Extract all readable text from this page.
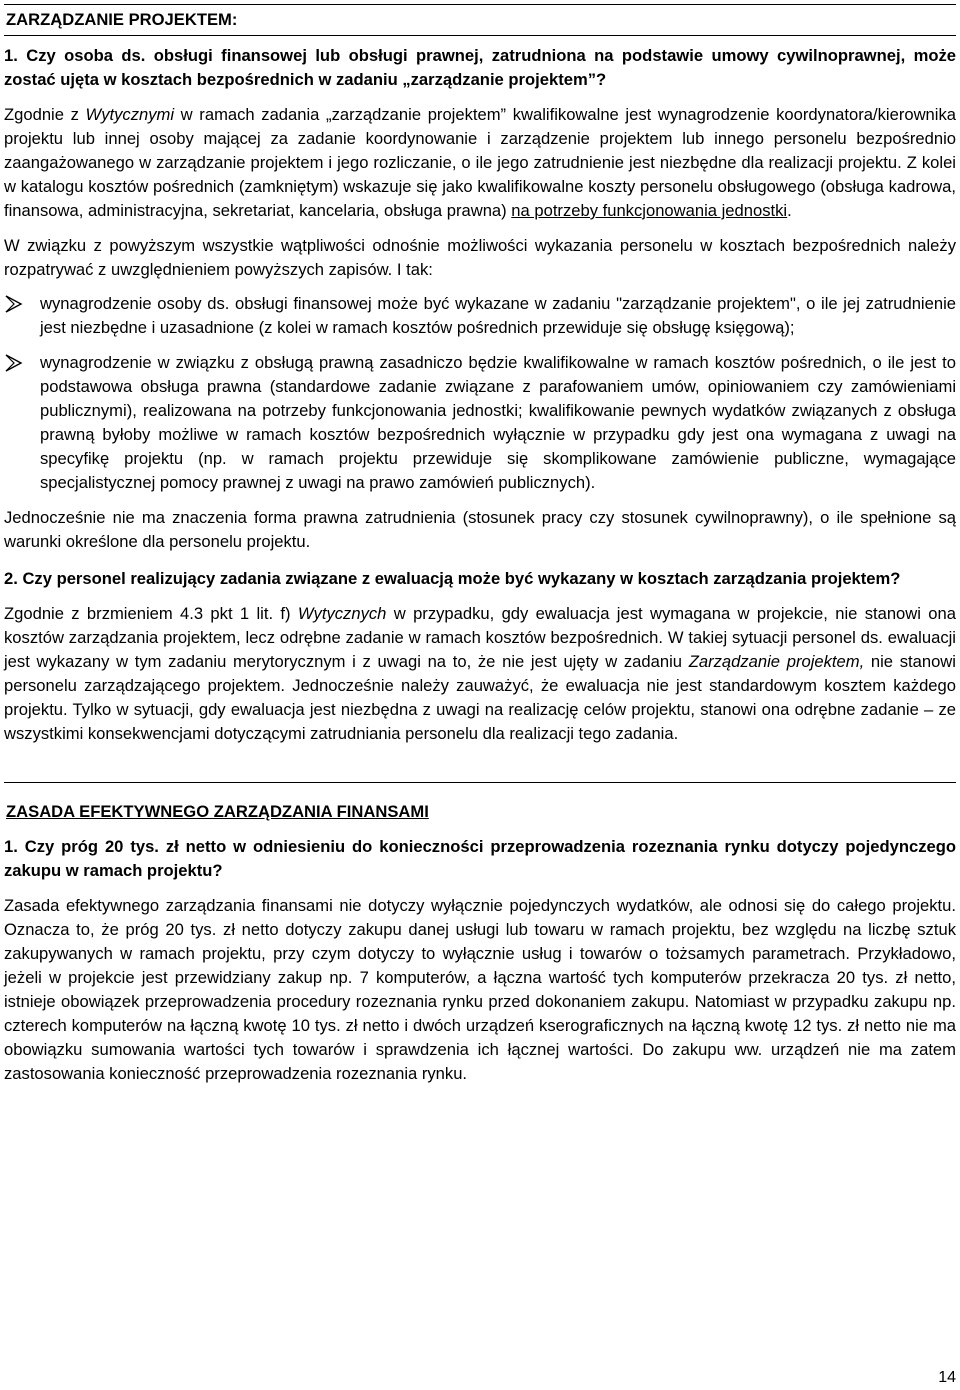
ZARZĄDZANIE PROJEKTEM:

1. Czy osoba ds. obsługi finansowej lub obsługi prawnej, zatrudniona na podstawie umowy cywilnoprawnej, może zostać ujęta w kosztach bezpośrednich w zadaniu „zarządzanie projektem”?

Zgodnie z Wytycznymi w ramach zadania „zarządzanie projektem” kwalifikowalne jest wynagrodzenie koordynatora/kierownika projektu lub innej osoby mającej za zadanie koordynowanie i zarządzenie projektem lub innego personelu bezpośrednio zaangażowanego w zarządzanie projektem i jego rozliczanie, o ile jego zatrudnienie jest niezbędne dla realizacji projektu. Z kolei w katalogu kosztów pośrednich (zamkniętym) wskazuje się jako kwalifikowalne koszty personelu obsługowego (obsługa kadrowa, finansowa, administracyjna, sekretariat, kancelaria, obsługa prawna) na potrzeby funkcjonowania jednostki.

W związku z powyższym wszystkie wątpliwości odnośnie możliwości wykazania personelu w kosztach bezpośrednich należy rozpatrywać z uwzględnieniem powyższych zapisów. I tak:

wynagrodzenie osoby ds. obsługi finansowej może być wykazane w zadaniu "zarządzanie projektem", o ile jej zatrudnienie jest niezbędne i uzasadnione (z kolei w ramach kosztów pośrednich przewiduje się obsługę księgową);
wynagrodzenie w związku z obsługą prawną zasadniczo będzie kwalifikowalne w ramach kosztów pośrednich, o ile jest to podstawowa obsługa prawna (standardowe zadanie związane z parafowaniem umów, opiniowaniem czy zamówieniami publicznymi), realizowana na potrzeby funkcjonowania jednostki; kwalifikowanie pewnych wydatków związanych z obsługa prawną byłoby możliwe w ramach kosztów bezpośrednich wyłącznie w przypadku gdy jest ona wymagana z uwagi na specyfikę projektu (np. w ramach projektu przewiduje się skomplikowane zamówienie publiczne, wymagające specjalistycznej pomocy prawnej z uwagi na prawo zamówień publicznych).

Jednocześnie nie ma znaczenia forma prawna zatrudnienia (stosunek pracy czy stosunek cywilnoprawny), o ile spełnione są warunki określone dla personelu projektu.

2. Czy personel realizujący zadania związane z ewaluacją może być wykazany w kosztach zarządzania projektem?

Zgodnie z brzmieniem 4.3 pkt 1 lit. f) Wytycznych w przypadku, gdy ewaluacja jest wymagana w projekcie, nie stanowi ona kosztów zarządzania projektem, lecz odrębne zadanie w ramach kosztów bezpośrednich. W takiej sytuacji personel ds. ewaluacji jest wykazany w tym zadaniu merytorycznym i z uwagi na to, że nie jest ujęty w zadaniu Zarządzanie projektem, nie stanowi personelu zarządzającego projektem. Jednocześnie należy zauważyć, że ewaluacja nie jest standardowym kosztem każdego projektu. Tylko w sytuacji, gdy ewaluacja jest niezbędna z uwagi na realizację celów projektu, stanowi ona odrębne zadanie – ze wszystkimi konsekwencjami dotyczącymi zatrudniania personelu dla realizacji tego zadania.

ZASADA EFEKTYWNEGO ZARZĄDZANIA FINANSAMI

1. Czy próg 20 tys. zł netto w odniesieniu do konieczności przeprowadzenia rozeznania rynku dotyczy pojedynczego zakupu w ramach projektu?

Zasada efektywnego zarządzania finansami nie dotyczy wyłącznie pojedynczych wydatków, ale odnosi się do całego projektu. Oznacza to, że próg 20 tys. zł netto dotyczy zakupu danej usługi lub towaru w ramach projektu, bez względu na liczbę sztuk zakupywanych w ramach projektu, przy czym dotyczy to wyłącznie usług i towarów o tożsamych parametrach. Przykładowo, jeżeli w projekcie jest przewidziany zakup np. 7 komputerów, a łączna wartość tych komputerów przekracza 20 tys. zł netto, istnieje obowiązek przeprowadzenia procedury rozeznania rynku przed dokonaniem zakupu. Natomiast w przypadku zakupu np. czterech komputerów na łączną kwotę 10 tys. zł netto i dwóch urządzeń kserograficznych na łączną kwotę 12 tys. zł netto nie ma obowiązku sumowania wartości tych towarów i sprawdzenia ich łącznej wartości. Do zakupu ww. urządzeń nie ma zatem zastosowania konieczność przeprowadzenia rozeznania rynku.

14
